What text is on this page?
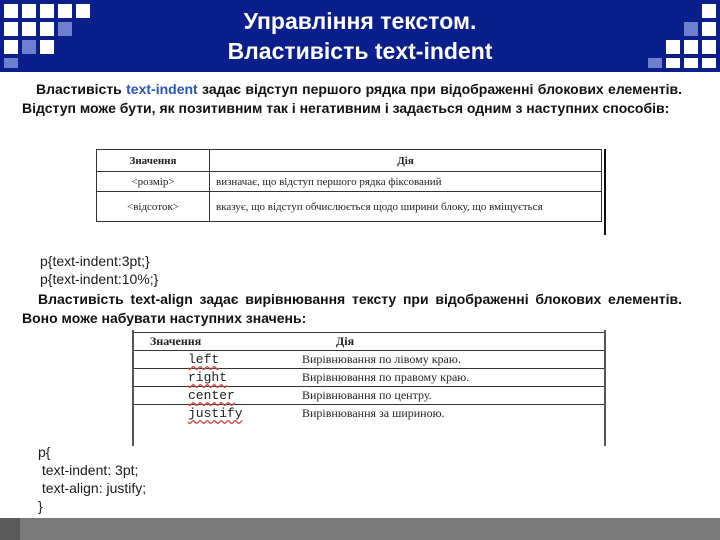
Управління текстом.
Властивість text-indent
Властивість text-indent задає відступ першого рядка при відображенні блокових елементів. Відступ може бути, як позитивним так і негативним і задається одним з наступних способів:
Значення	Дія
<розмір>	визначає, що відступ першого рядка фіксований
<відсоток>	вказує, що відступ обчислюється щодо ширини блоку, що вміщується
p{text-indent:3pt;}
p{text-indent:10%;}
Властивість text-align задає вирівнювання тексту при відображенні блокових елементів. Воно може набувати наступних значень:
Значення	Дія
left	Вирівнювання по лівому краю.
right	Вирівнювання по правому краю.
center	Вирівнювання по центру.
justify	Вирівнювання за шириною.
p{
text-indent: 3pt;
text-align: justify;
}
